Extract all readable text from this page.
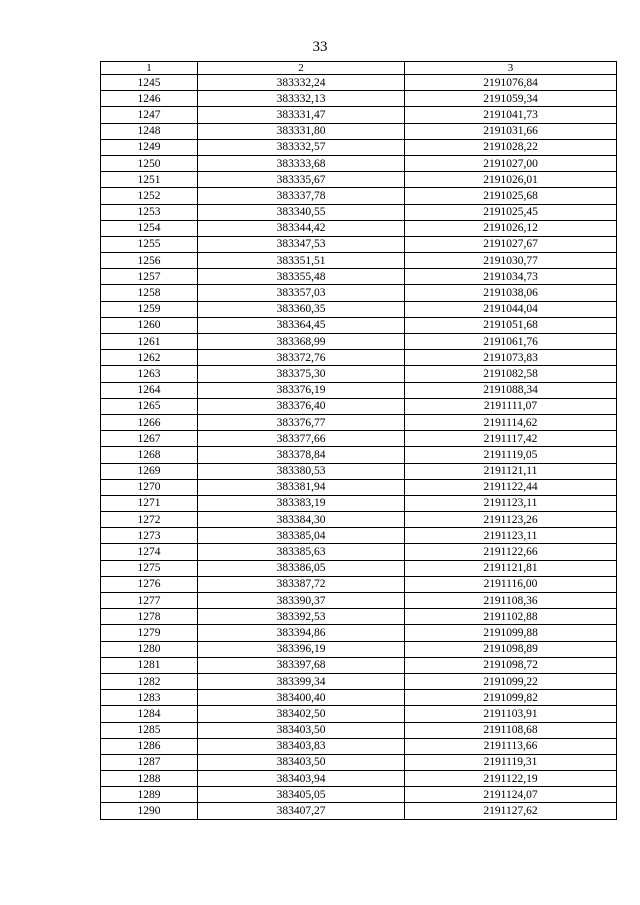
33
1	2	3
1245	383332,24	2191076,84
1246	383332,13	2191059,34
1247	383331,47	2191041,73
1248	383331,80	2191031,66
1249	383332,57	2191028,22
1250	383333,68	2191027,00
1251	383335,67	2191026,01
1252	383337,78	2191025,68
1253	383340,55	2191025,45
1254	383344,42	2191026,12
1255	383347,53	2191027,67
1256	383351,51	2191030,77
1257	383355,48	2191034,73
1258	383357,03	2191038,06
1259	383360,35	2191044,04
1260	383364,45	2191051,68
1261	383368,99	2191061,76
1262	383372,76	2191073,83
1263	383375,30	2191082,58
1264	383376,19	2191088,34
1265	383376,40	2191111,07
1266	383376,77	2191114,62
1267	383377,66	2191117,42
1268	383378,84	2191119,05
1269	383380,53	2191121,11
1270	383381,94	2191122,44
1271	383383,19	2191123,11
1272	383384,30	2191123,26
1273	383385,04	2191123,11
1274	383385,63	2191122,66
1275	383386,05	2191121,81
1276	383387,72	2191116,00
1277	383390,37	2191108,36
1278	383392,53	2191102,88
1279	383394,86	2191099,88
1280	383396,19	2191098,89
1281	383397,68	2191098,72
1282	383399,34	2191099,22
1283	383400,40	2191099,82
1284	383402,50	2191103,91
1285	383403,50	2191108,68
1286	383403,83	2191113,66
1287	383403,50	2191119,31
1288	383403,94	2191122,19
1289	383405,05	2191124,07
1290	383407,27	2191127,62
